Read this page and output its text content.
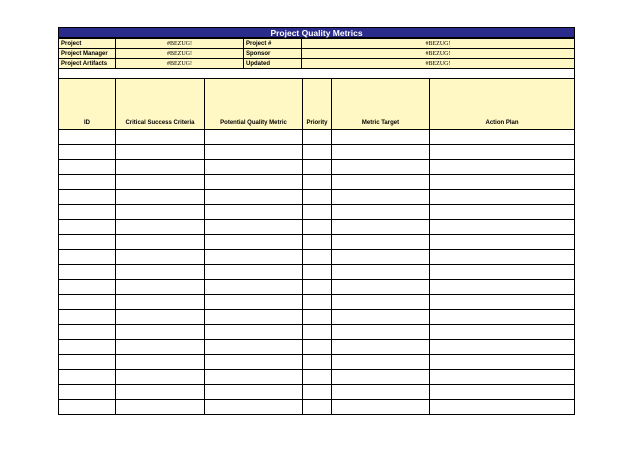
Project Quality Metrics
Project	#BEZUG!	Project #	#BEZUG!
Project Manager	#BEZUG!	Sponsor	#BEZUG!
Project Artifacts	#BEZUG!	Updated	#BEZUG!
ID	Critical Success Criteria	Potential Quality Metric	Priority	Metric Target	Action Plan
